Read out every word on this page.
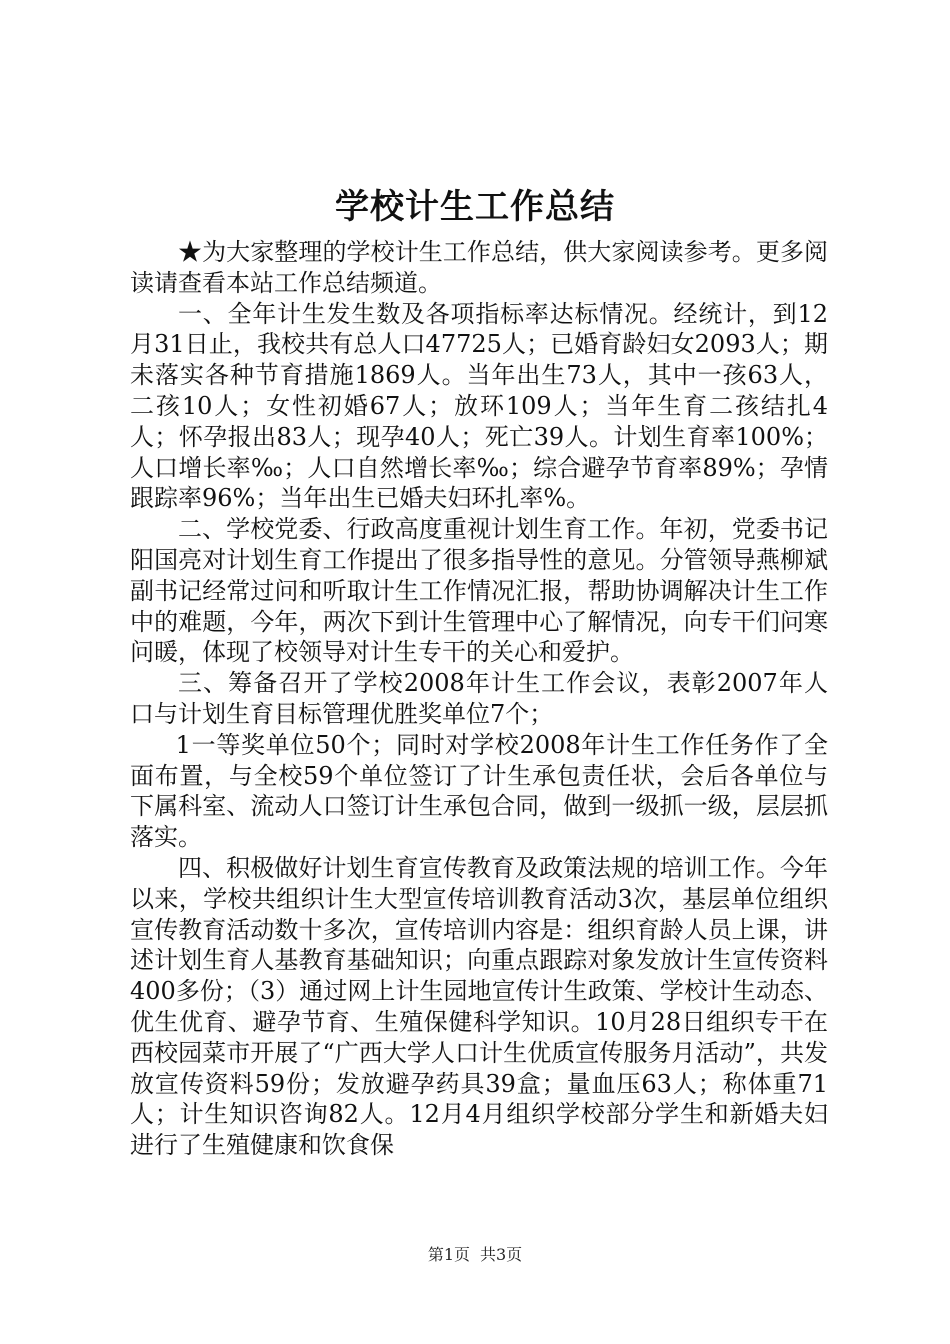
学校计生工作总结

★为大家整理的学校计生工作总结，供大家阅读参考。更多阅读请查看本站工作总结频道。

一、全年计生发生数及各项指标率达标情况。经统计，到12月31日止，我校共有总人口47725人；已婚育龄妇女2093人；期未落实各种节育措施1869人。当年出生73人，其中一孩63人，二孩10人；女性初婚67人；放环109人；当年生育二孩结扎4人；怀孕报出83人；现孕40人；死亡39人。计划生育率100%；人口增长率‰；人口自然增长率‰；综合避孕节育率89%；孕情跟踪率96%；当年出生已婚夫妇环扎率%。

二、学校党委、行政高度重视计划生育工作。年初，党委书记阳国亮对计划生育工作提出了很多指导性的意见。分管领导燕柳斌副书记经常过问和听取计生工作情况汇报，帮助协调解决计生工作中的难题，今年，两次下到计生管理中心了解情况，向专干们问寒问暖，体现了校领导对计生专干的关心和爱护。

三、筹备召开了学校2008年计生工作会议，表彰2007年人口与计划生育目标管理优胜奖单位7个；

1一等奖单位50个；同时对学校2008年计生工作任务作了全面布置，与全校59个单位签订了计生承包责任状，会后各单位与下属科室、流动人口签订计生承包合同，做到一级抓一级，层层抓落实。

四、积极做好计划生育宣传教育及政策法规的培训工作。今年以来，学校共组织计生大型宣传培训教育活动3次，基层单位组织宣传教育活动数十多次，宣传培训内容是：组织育龄人员上课，讲述计划生育人基教育基础知识；向重点跟踪对象发放计生宣传资料400多份；（3）通过网上计生园地宣传计生政策、学校计生动态、优生优育、避孕节育、生殖保健科学知识。10月28日组织专干在西校园菜市开展了“广西大学人口计生优质宣传服务月活动”，共发放宣传资料59份；发放避孕药具39盒；量血压63人；称体重71人；计生知识咨询82人。12月4月组织学校部分学生和新婚夫妇进行了生殖健康和饮食保

第1页 共3页
